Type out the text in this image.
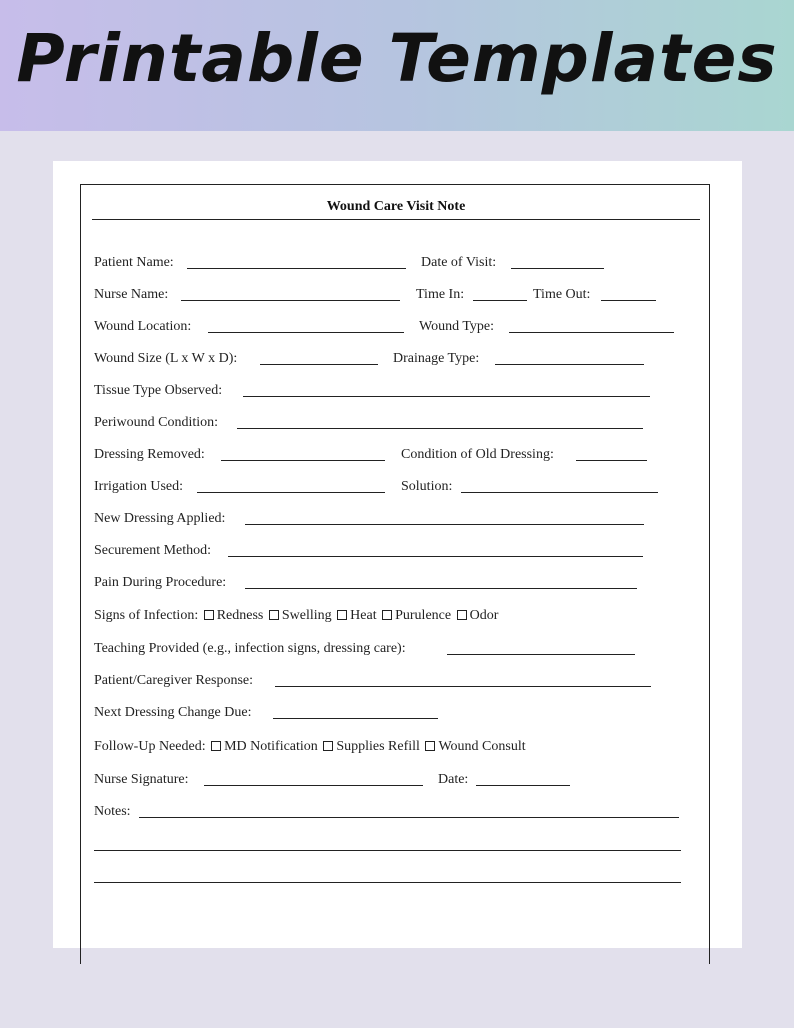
Printable Templates
Wound Care Visit Note
Patient Name:	Date of Visit:
Nurse Name:	Time In:	Time Out:
Wound Location:	Wound Type:
Wound Size (L x W x D):	Drainage Type:
Tissue Type Observed:
Periwound Condition:
Dressing Removed:	Condition of Old Dressing:
Irrigation Used:	Solution:
New Dressing Applied:
Securement Method:
Pain During Procedure:
Signs of Infection: Redness Swelling Heat Purulence Odor
Teaching Provided (e.g., infection signs, dressing care):
Patient/Caregiver Response:
Next Dressing Change Due:
Follow-Up Needed: MD Notification Supplies Refill Wound Consult
Nurse Signature:	Date:
Notes:
